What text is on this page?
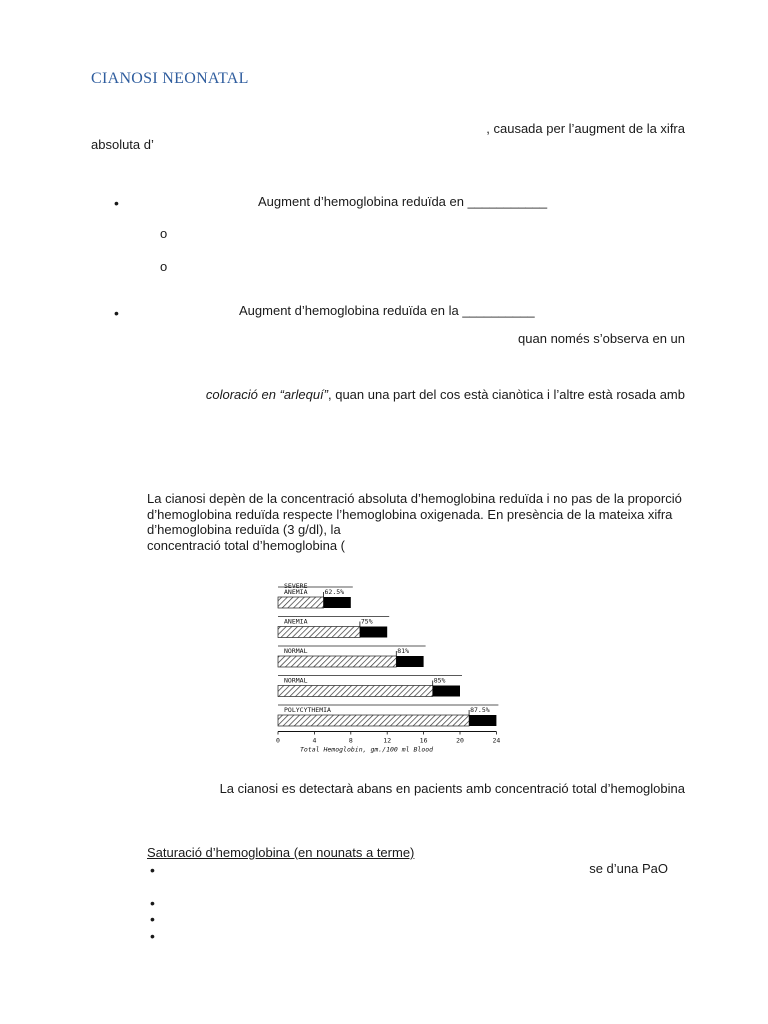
CIANOSI NEONATAL
, causada per l’augment de la xifra
absoluta d’
•	Augment d’hemoglobina reduïda en ___________
o
o
•	Augment d’hemoglobina reduïda en la __________
quan només s’observa en un
coloració en “arlequí”, quan una part del cos està cianòtica i l’altre està rosada amb
La cianosi depèn de la concentració absoluta d’hemoglobina reduïda i no pas de la proporció
d’hemoglobina reduïda respecte l’hemoglobina oxigenada. En presència de la mateixa xifra
d’hemoglobina reduïda (3 g/dl), la
concentració total d’hemoglobina (
SEVERE
ANEMIA	62.5%
ANEMIA	75%
NORMAL	81%
NORMAL	85%
POLYCYTHEMIA	87.5%
0	4	8	12	16	20	24
Total Hemoglobin, gm./100 ml Blood
La cianosi es detectarà abans en pacients amb concentració total d’hemoglobina
Saturació d’hemoglobina (en nounats a terme)
•	se d’una PaO
•
•
•
